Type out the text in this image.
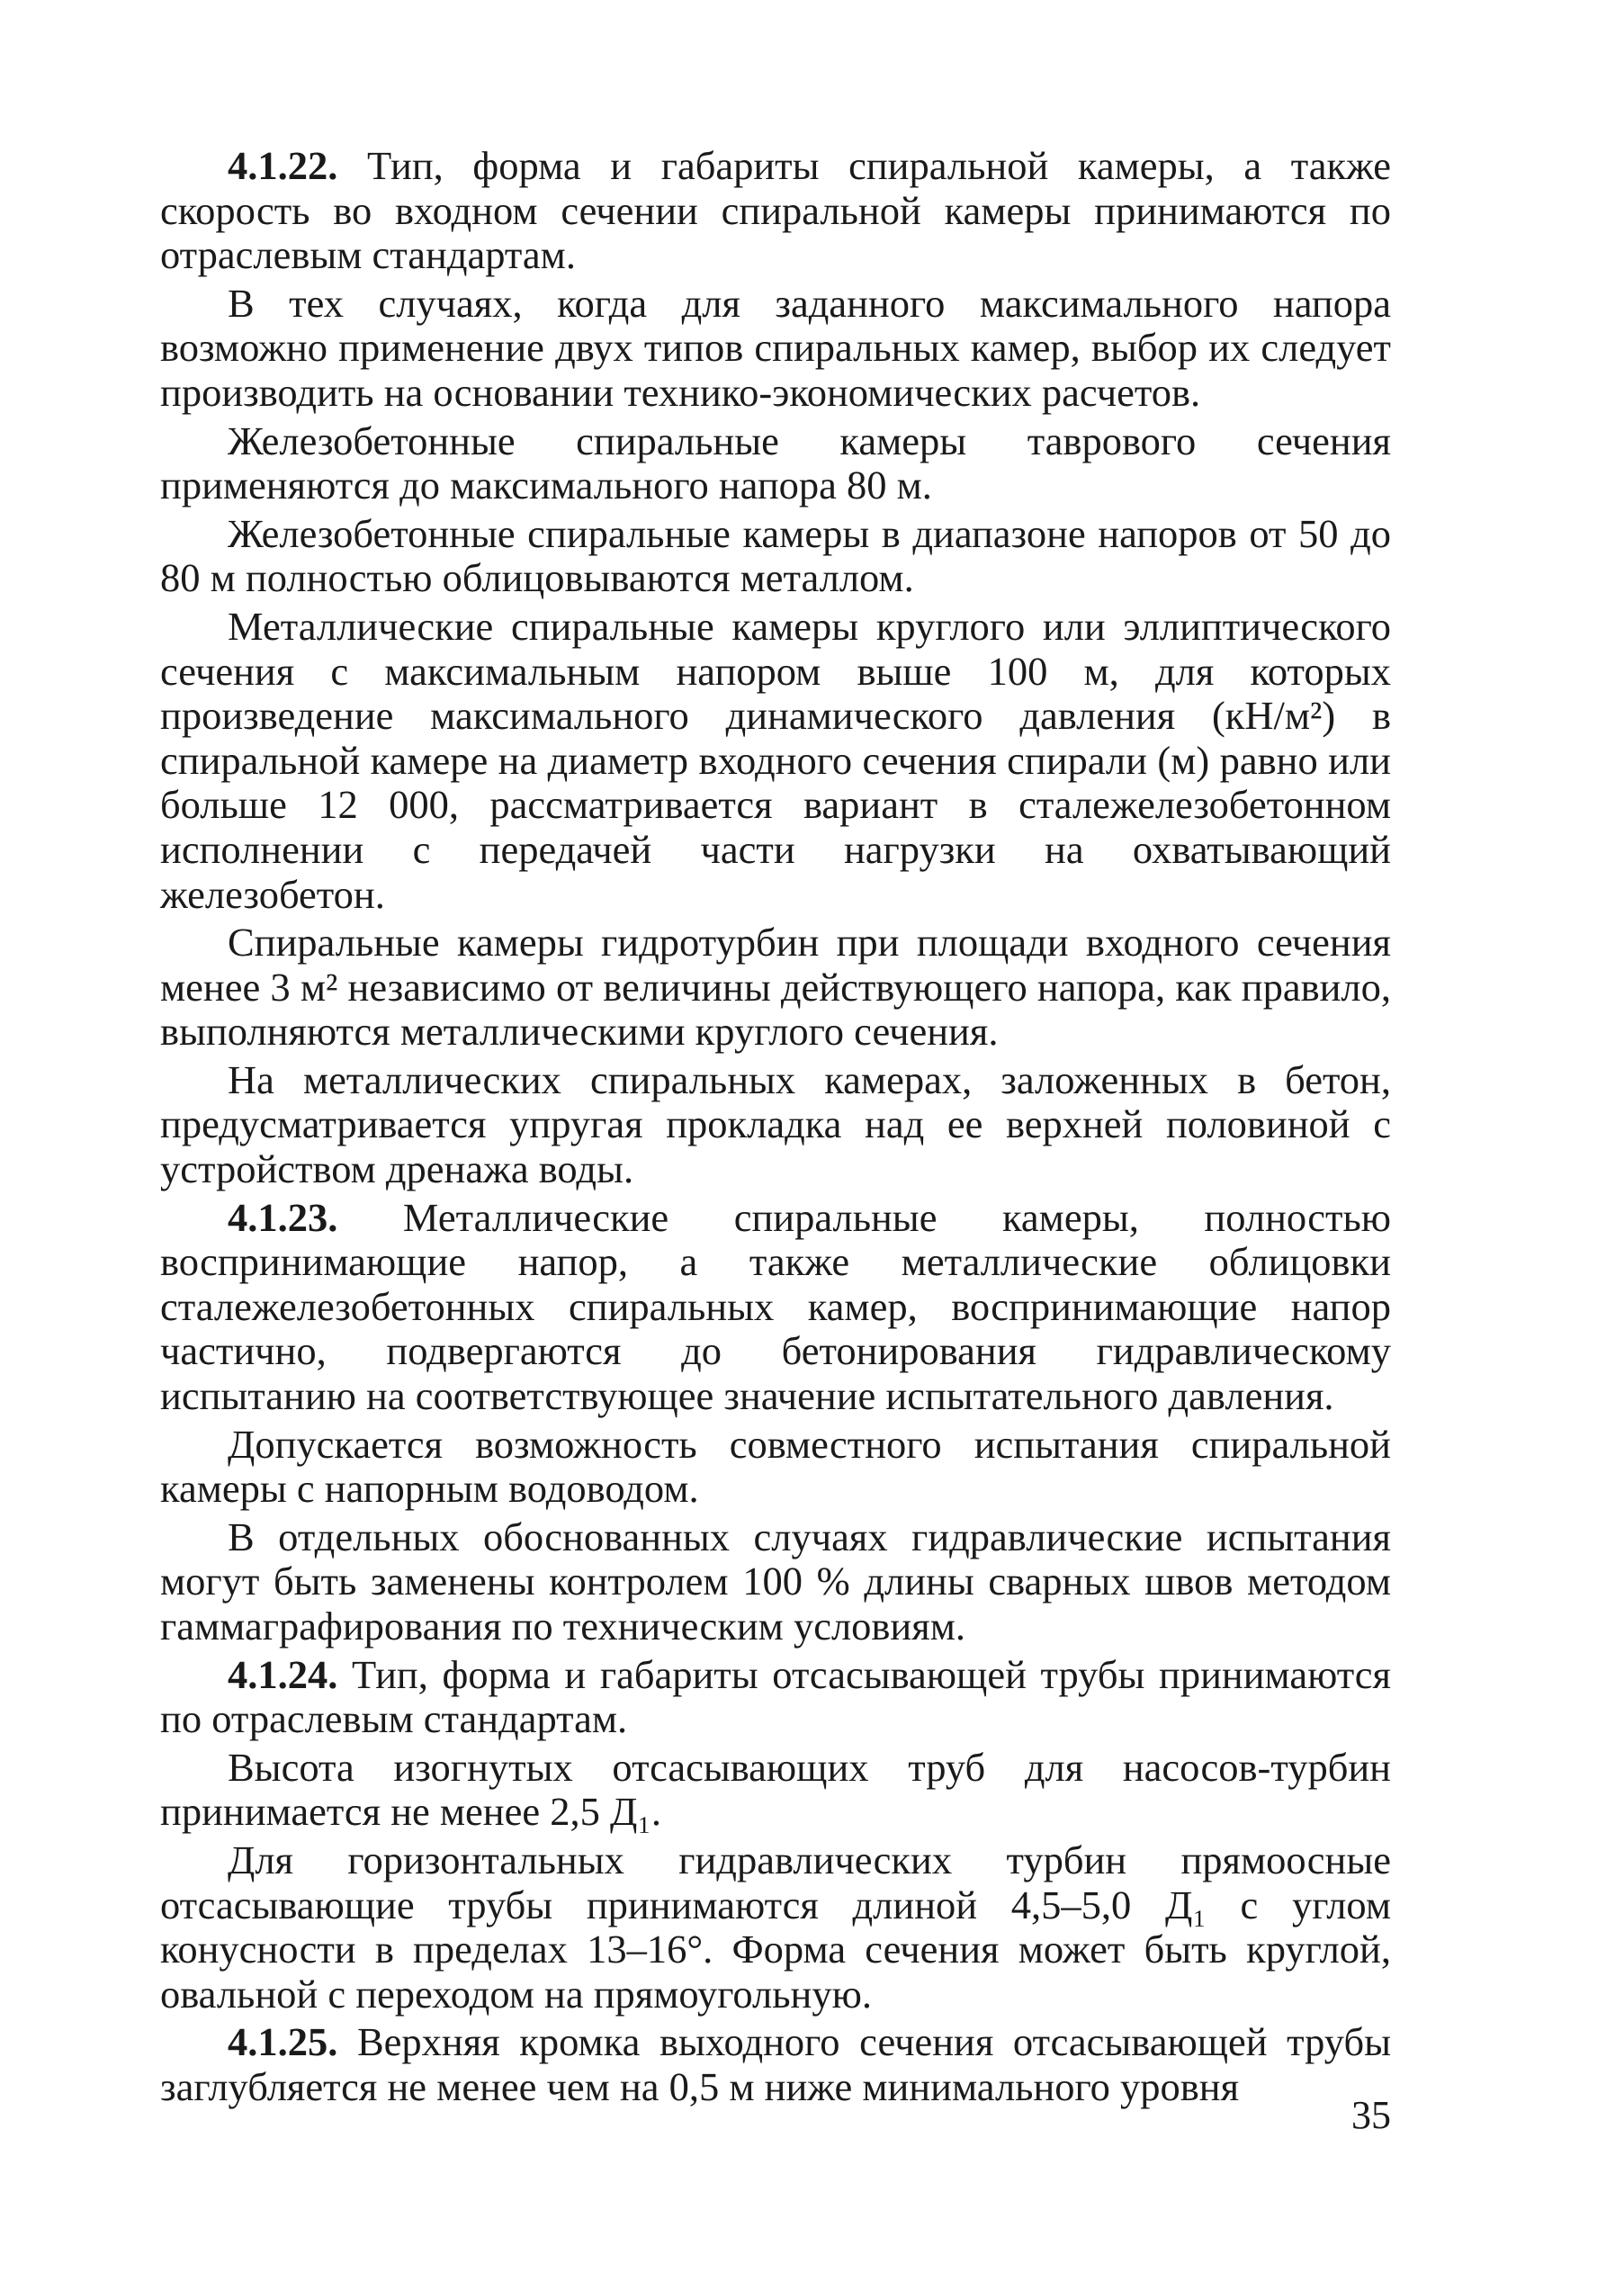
4.1.22. Тип, форма и габариты спиральной камеры, а также скорость во входном сечении спиральной камеры принимаются по отраслевым стандартам.

В тех случаях, когда для заданного максимального напора возможно применение двух типов спиральных камер, выбор их следует производить на основании технико-экономических расчетов.

Железобетонные спиральные камеры таврового сечения применяются до максимального напора 80 м.

Железобетонные спиральные камеры в диапазоне напоров от 50 до 80 м полностью облицовываются металлом.

Металлические спиральные камеры круглого или эллиптического сечения с максимальным напором выше 100 м, для которых произведение максимального динамического давления (кН/м²) в спиральной камере на диаметр входного сечения спирали (м) равно или больше 12 000, рассматривается вариант в сталежелезобетонном исполнении с передачей части нагрузки на охватывающий железобетон.

Спиральные камеры гидротурбин при площади входного сечения менее 3 м² независимо от величины действующего напора, как правило, выполняются металлическими круглого сечения.

На металлических спиральных камерах, заложенных в бетон, предусматривается упругая прокладка над ее верхней половиной с устройством дренажа воды.

4.1.23. Металлические спиральные камеры, полностью воспринимающие напор, а также металлические облицовки сталежелезобетонных спиральных камер, воспринимающие напор частично, подвергаются до бетонирования гидравлическому испытанию на соответствующее значение испытательного давления.

Допускается возможность совместного испытания спиральной камеры с напорным водоводом.

В отдельных обоснованных случаях гидравлические испытания могут быть заменены контролем 100 % длины сварных швов методом гаммаграфирования по техническим условиям.

4.1.24. Тип, форма и габариты отсасывающей трубы принимаются по отраслевым стандартам.

Высота изогнутых отсасывающих труб для насосов-турбин принимается не менее 2,5 Д₁.

Для горизонтальных гидравлических турбин прямоосные отсасывающие трубы принимаются длиной 4,5–5,0 Д₁ с углом конусности в пределах 13–16°. Форма сечения может быть круглой, овальной с переходом на прямоугольную.

4.1.25. Верхняя кромка выходного сечения отсасывающей трубы заглубляется не менее чем на 0,5 м ниже минимального уровня

35
